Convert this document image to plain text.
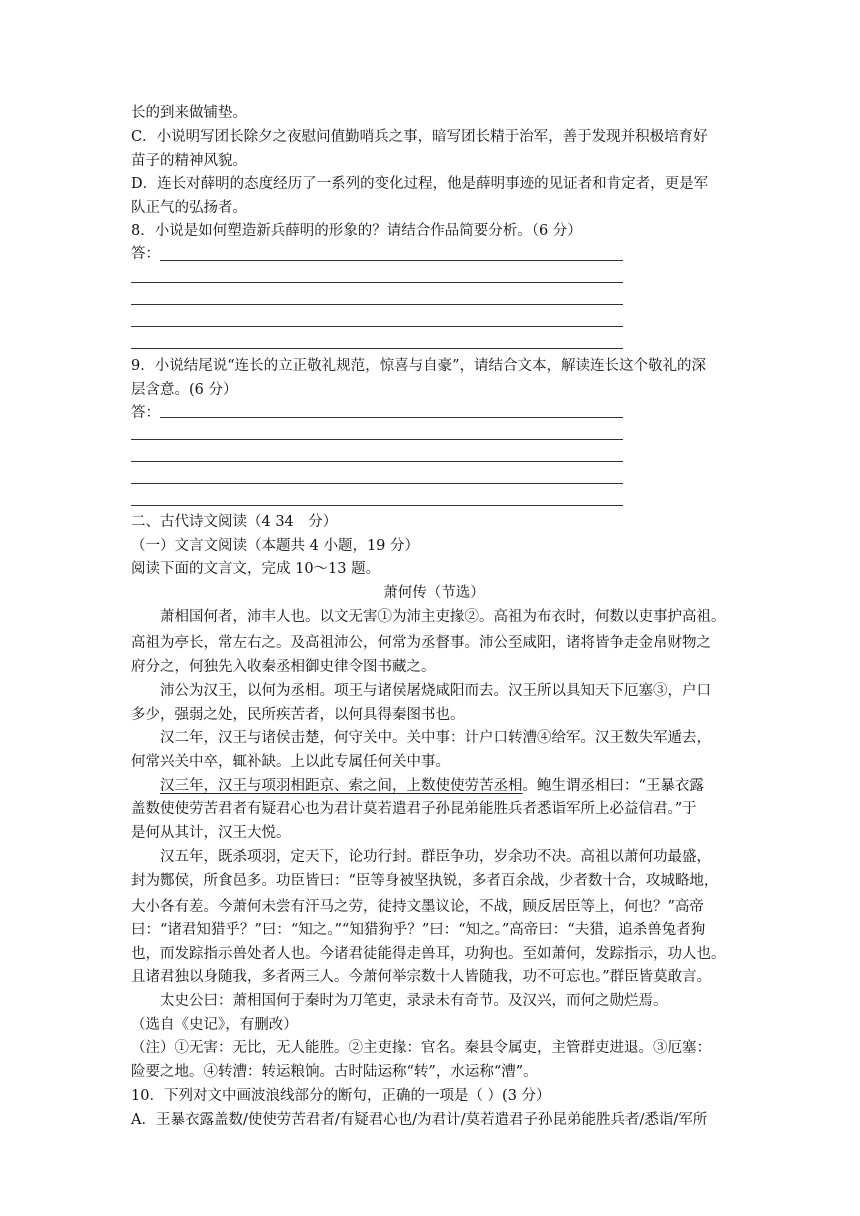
长的到来做铺垫。
C．小说明写团长除夕之夜慰问值勤哨兵之事，暗写团长精于治军，善于发现并积极培育好
苗子的精神风貌。
D．连长对薛明的态度经历了一系列的变化过程，他是薛明事迹的见证者和肯定者，更是军
队正气的弘扬者。
8．小说是如何塑造新兵薛明的形象的？请结合作品简要分析。（6 分）
答：
9．小说结尾说“连长的立正敬礼规范，惊喜与自豪”，请结合文本，解读连长这个敬礼的深
层含意。(6 分）
答：
二、古代诗文阅读（4 34　分）
（一）文言文阅读（本题共 4 小题，19 分）
阅读下面的文言文，完成 10～13 题。
萧何传（节选）
萧相国何者，沛丰人也。以文无害①为沛主吏掾②。高祖为布衣时，何数以吏事护高祖。
高祖为亭长，常左右之。及高祖沛公，何常为丞督事。沛公至咸阳，诸将皆争走金帛财物之
府分之，何独先入收秦丞相御史律令图书藏之。
沛公为汉王，以何为丞相。项王与诸侯屠烧咸阳而去。汉王所以具知天下厄塞③，户口
多少，强弱之处，民所疾苦者，以何具得秦图书也。
汉二年，汉王与诸侯击楚，何守关中。关中事：计户口转漕④给军。汉王数失军遁去，
何常兴关中卒，辄补缺。上以此专属任何关中事。
汉三年，汉王与项羽相距京、索之间，上数使使劳苦丞相。鲍生谓丞相曰：“王暴衣露
盖数使使劳苦君者有疑君心也为君计莫若遣君子孙昆弟能胜兵者悉诣军所上必益信君。”于
是何从其计，汉王大悦。
汉五年，既杀项羽，定天下，论功行封。群臣争功，岁余功不决。高祖以萧何功最盛，
封为酂侯，所食邑多。功臣皆曰：“臣等身被坚执锐，多者百余战，少者数十合，攻城略地，
大小各有差。今萧何未尝有汗马之劳，徒持文墨议论，不战，顾反居臣等上，何也？”高帝
曰：“诸君知猎乎？”曰：“知之。”“知猎狗乎？”曰：“知之。”高帝曰：“夫猎，追杀兽兔者狗
也，而发踪指示兽处者人也。今诸君徒能得走兽耳，功狗也。至如萧何，发踪指示，功人也。
且诸君独以身随我，多者两三人。今萧何举宗数十人皆随我，功不可忘也。”群臣皆莫敢言。
太史公曰：萧相国何于秦时为刀笔吏，录录未有奇节。及汉兴，而何之勋烂焉。
（选自《史记》，有删改）
（注）①无害：无比，无人能胜。②主吏掾：官名。秦县令属吏，主管群吏进退。③厄塞：
险要之地。④转漕：转运粮饷。古时陆运称“转”，水运称“漕”。
10．下列对文中画波浪线部分的断句，正确的一项是（ ）(3 分）
A．王暴衣露盖数/使使劳苦君者/有疑君心也/为君计/莫若遣君子孙昆弟能胜兵者/悉诣/军所
